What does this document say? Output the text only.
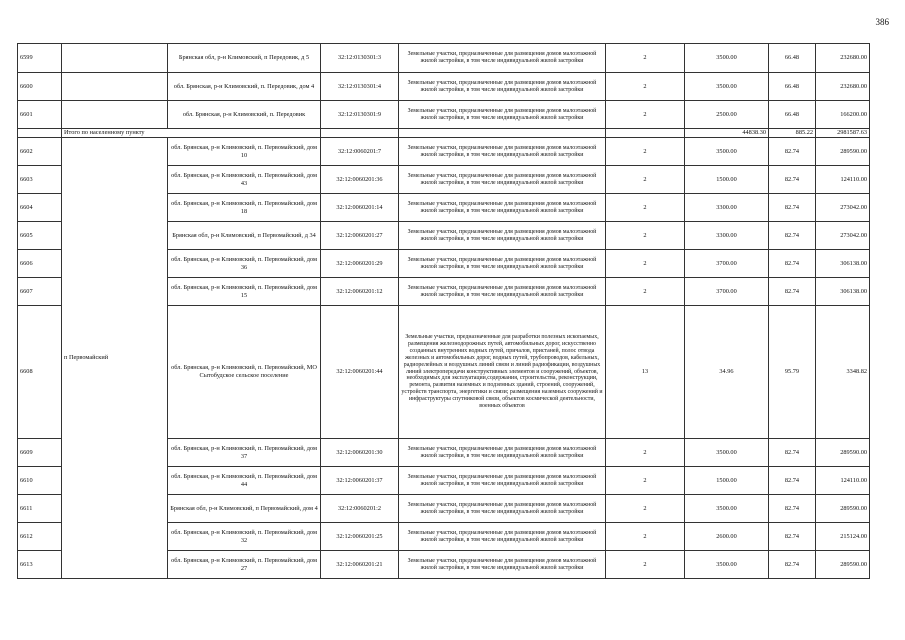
386
6599		Брянская обл, р-н Климовский, п Передовик, д 5	32:12:0130301:3	Земельные участки, предназначенные для размещения домов малоэтажной жилой застройки, в том числе индивидуальной жилой застройки	2	3500.00	66.48	232680.00
6600		обл. Брянская, р-н Климовский, п. Передовик, дом 4	32:12:0130301:4	Земельные участки, предназначенные для размещения домов малоэтажной жилой застройки, в том числе индивидуальной жилой застройки	2	3500.00	66.48	232680.00
6601		обл. Брянская, р-н Климовский, п. Передовик	32:12:0130301:9	Земельные участки, предназначенные для размещения домов малоэтажной жилой застройки, в том числе индивидуальной жилой застройки	2	2500.00	66.48	166200.00
	Итого по населенному пункту					44838.30	885.22	2981587.63
6602	п Первомайский	обл. Брянская, р-н Климовский, п. Первомайский, дом 10	32:12:0060201:7	Земельные участки, предназначенные для размещения домов малоэтажной жилой застройки, в том числе индивидуальной жилой застройки	2	3500.00	82.74	289590.00
6603		обл. Брянская, р-н Климовский, п. Первомайский, дом 43	32:12:0060201:36	Земельные участки, предназначенные для размещения домов малоэтажной жилой застройки, в том числе индивидуальной жилой застройки	2	1500.00	82.74	124110.00
6604		обл. Брянская, р-н Климовский, п. Первомайский, дом 18	32:12:0060201:14	Земельные участки, предназначенные для размещения домов малоэтажной жилой застройки, в том числе индивидуальной жилой застройки	2	3300.00	82.74	273042.00
6605		Брянская обл, р-н Климовский, п Первомайский, д 34	32:12:0060201:27	Земельные участки, предназначенные для размещения домов малоэтажной жилой застройки, в том числе индивидуальной жилой застройки	2	3300.00	82.74	273042.00
6606		обл. Брянская, р-н Климовский, п. Первомайский, дом 36	32:12:0060201:29	Земельные участки, предназначенные для размещения домов малоэтажной жилой застройки, в том числе индивидуальной жилой застройки	2	3700.00	82.74	306138.00
6607		обл. Брянская, р-н Климовский, п. Первомайский, дом 15	32:12:0060201:12	Земельные участки, предназначенные для размещения домов малоэтажной жилой застройки, в том числе индивидуальной жилой застройки	2	3700.00	82.74	306138.00
6608		обл. Брянская, р-н Климовский, п. Первомайский, МО Сытобудское сельское поселение	32:12:0060201:44	Земельные участки, предназначенные для разработки полезных ископаемых, размещения железнодорожных путей, автомобильных дорог, искусственно созданных внутренних водных путей, причалов, пристаней, полос отвода железных и автомобильных дорог, водных путей, трубопроводов, кабельных, радиорелейных и воздушных линий связи и линий радиофикации, воздушных линий электропередачи конструктивных элементов и сооружений, объектов, необходимых для эксплуатации,содержания, строительства, реконструкции, ремонта, развития наземных и подземных зданий, строений, сооружений, устройств транспорта, энергетики и связи; размещения наземных сооружений и инфраструктуры спутниковой связи, объектов космической деятельности, военных объектов	13	34.96	95.79	3348.82
6609		обл. Брянская, р-н Климовский, п. Первомайский, дом 37	32:12:0060201:30	Земельные участки, предназначенные для размещения домов малоэтажной жилой застройки, в том числе индивидуальной жилой застройки	2	3500.00	82.74	289590.00
6610		обл. Брянская, р-н Климовский, п. Первомайский, дом 44	32:12:0060201:37	Земельные участки, предназначенные для размещения домов малоэтажной жилой застройки, в том числе индивидуальной жилой застройки	2	1500.00	82.74	124110.00
6611		Брянская обл, р-н Климовский, п Первомайский, дом 4	32:12:0060201:2	Земельные участки, предназначенные для размещения домов малоэтажной жилой застройки, в том числе индивидуальной жилой застройки	2	3500.00	82.74	289590.00
6612		обл. Брянская, р-н Климовский, п. Первомайский, дом 32	32:12:0060201:25	Земельные участки, предназначенные для размещения домов малоэтажной жилой застройки, в том числе индивидуальной жилой застройки	2	2600.00	82.74	215124.00
6613		обл. Брянская, р-н Климовский, п. Первомайский, дом 27	32:12:0060201:21	Земельные участки, предназначенные для размещения домов малоэтажной жилой застройки, в том числе индивидуальной жилой застройки	2	3500.00	82.74	289590.00
